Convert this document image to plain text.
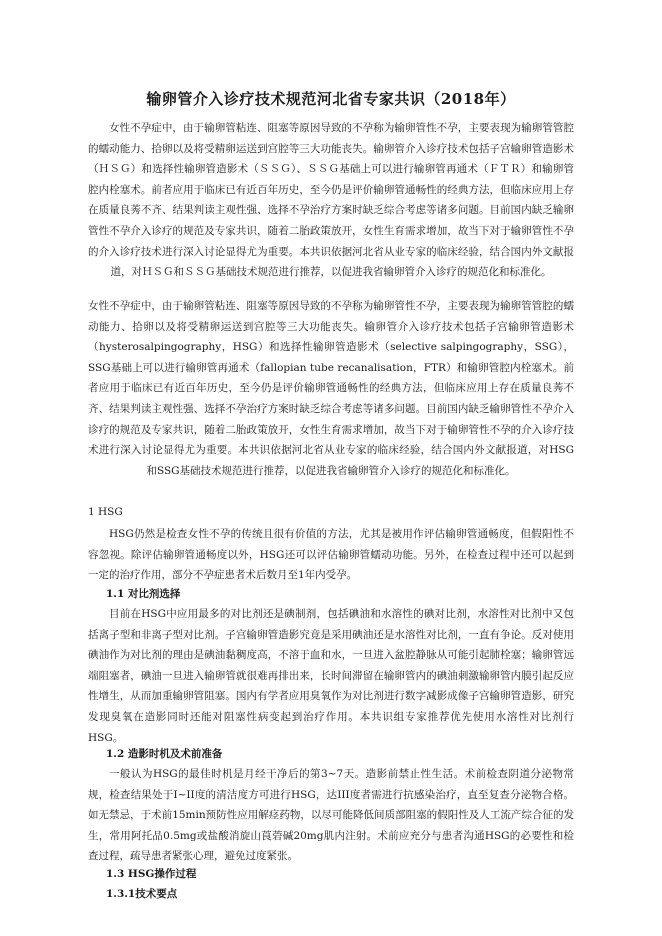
输卵管介入诊疗技术规范河北省专家共识（2018年）
女性不孕症中，由于输卵管粘连、阻塞等原因导致的不孕称为输卵管性不孕，主要表现为输卵管管腔的蠕动能力、拾卵以及将受精卵运送到宫腔等三大功能丧失。输卵管介入诊疗技术包括子宫输卵管造影术（ＨＳＧ）和选择性输卵管造影术（ＳＳＧ）、ＳＳＧ基础上可以进行输卵管再通术（ＦＴＲ）和输卵管腔内栓塞术。前者应用于临床已有近百年历史，至今仍是评价输卵管通畅性的经典方法，但临床应用上存在质量良莠不齐、结果判读主观性强、选择不孕治疗方案时缺乏综合考虑等诸多问题。目前国内缺乏输卵管性不孕介入诊疗的规范及专家共识，随着二胎政策放开，女性生育需求增加，故当下对于输卵管性不孕的介入诊疗技术进行深入讨论显得尤为重要。本共识依据河北省从业专家的临床经验，结合国内外文献报道，对ＨＳＧ和ＳＳＧ基础技术规范进行推荐，以促进我省输卵管介入诊疗的规范化和标准化。
女性不孕症中，由于输卵管粘连、阻塞等原因导致的不孕称为输卵管性不孕，主要表现为输卵管管腔的蠕动能力、拾卵以及将受精卵运送到宫腔等三大功能丧失。输卵管介入诊疗技术包括子宫输卵管造影术（hysterosalpingography，HSG）和选择性输卵管造影术（selective salpingography，SSG），SSG基础上可以进行输卵管再通术（fallopian tube recanalisation，FTR）和输卵管腔内栓塞术。前者应用于临床已有近百年历史，至今仍是评价输卵管通畅性的经典方法，但临床应用上存在质量良莠不齐、结果判读主观性强、选择不孕治疗方案时缺乏综合考虑等诸多问题。目前国内缺乏输卵管性不孕介入诊疗的规范及专家共识，随着二胎政策放开，女性生育需求增加，故当下对于输卵管性不孕的介入诊疗技术进行深入讨论显得尤为重要。本共识依据河北省从业专家的临床经验，结合国内外文献报道，对HSG和SSG基础技术规范进行推荐，以促进我省输卵管介入诊疗的规范化和标准化。
1 HSG
HSG仍然是检查女性不孕的传统且很有价值的方法，尤其是被用作评估输卵管通畅度，但假阳性不容忽视。除评估输卵管通畅度以外，HSG还可以评估输卵管蠕动功能。另外，在检查过程中还可以起到一定的治疗作用，部分不孕症患者术后数月至1年内受孕。
1.1 对比剂选择
目前在HSG中应用最多的对比剂还是碘制剂，包括碘油和水溶性的碘对比剂，水溶性对比剂中又包括离子型和非离子型对比剂。子宫输卵管造影究竟是采用碘油还是水溶性对比剂，一直有争论。反对使用碘油作为对比剂的理由是碘油黏稠度高，不溶于血和水，一旦进入盆腔静脉从可能引起肺栓塞；输卵管远端阻塞者，碘油一旦进入输卵管就很难再排出来，长时间滞留在输卵管内的碘油刺激输卵管内膜引起反应性增生，从而加重输卵管阻塞。国内有学者应用臭氧作为对比剂进行数字减影成像子宫输卵管造影，研究发现臭氧在造影同时还能对阻塞性病变起到治疗作用。本共识组专家推荐优先使用水溶性对比剂行HSG。
1.2 造影时机及术前准备
一般认为HSG的最佳时机是月经干净后的第3~7天。造影前禁止性生活。术前检查阴道分泌物常规，检查结果处于I~II度的清洁度方可进行HSG，达III度者需进行抗感染治疗，直至复查分泌物合格。如无禁忌，于术前15min预防性应用解痉药物，以尽可能降低间质部阻塞的假阳性及人工流产综合征的发生，常用阿托品0.5mg或盐酸消旋山莨菪碱20mg肌内注射。术前应充分与患者沟通HSG的必要性和检查过程，疏导患者紧张心理，避免过度紧张。
1.3 HSG操作过程
1.3.1技术要点
